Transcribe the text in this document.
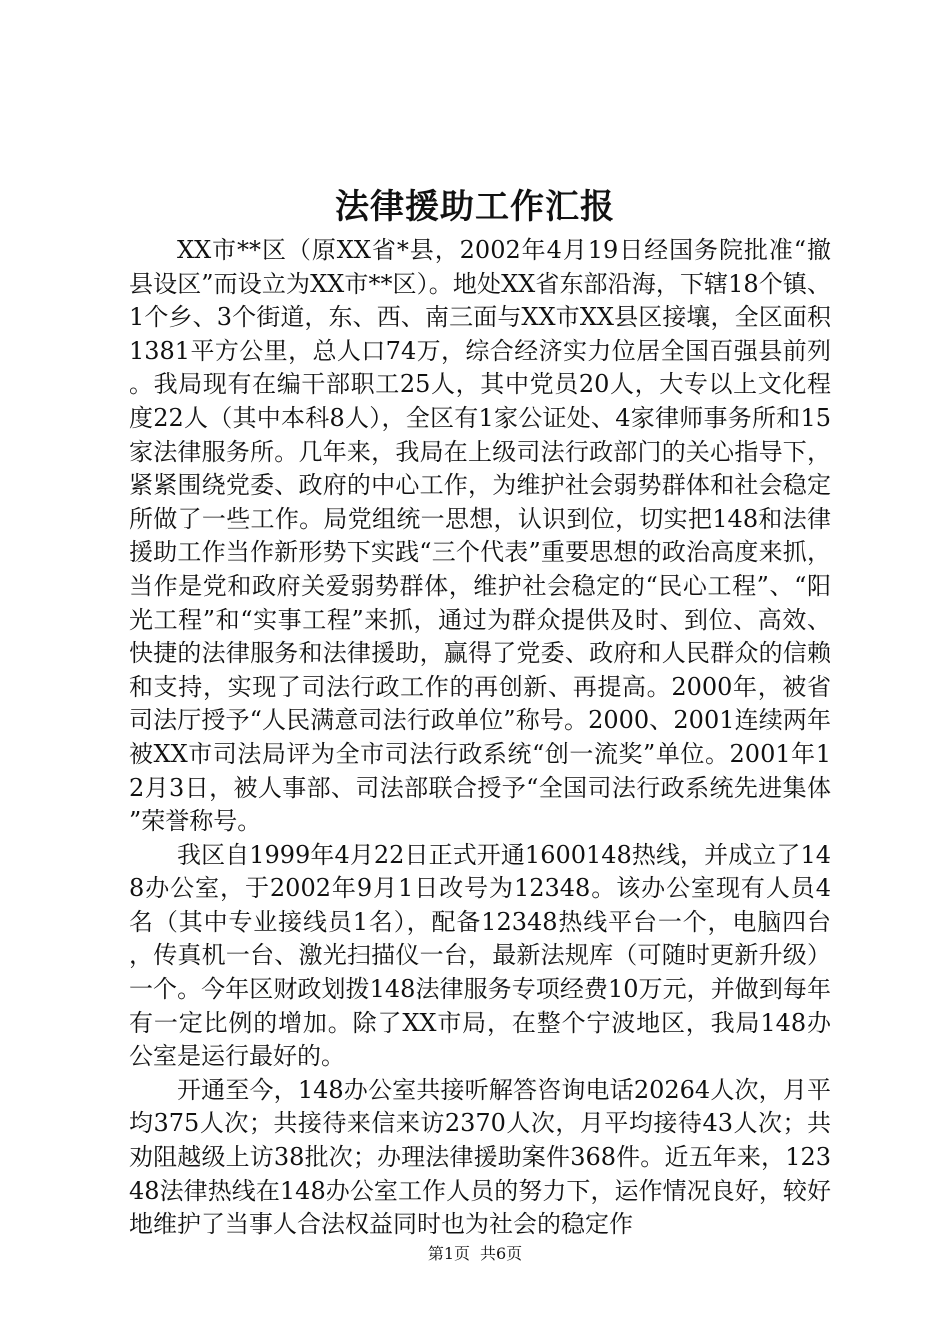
法律援助工作汇报

XX市**区（原XX省*县，2002年4月19日经国务院批准“撤县设区”而设立为XX市**区）。地处XX省东部沿海，下辖18个镇、1个乡、3个街道，东、西、南三面与XX市XX县区接壤，全区面积1381平方公里，总人口74万，综合经济实力位居全国百强县前列。我局现有在编干部职工25人，其中党员20人，大专以上文化程度22人（其中本科8人），全区有1家公证处、4家律师事务所和15家法律服务所。几年来，我局在上级司法行政部门的关心指导下，紧紧围绕党委、政府的中心工作，为维护社会弱势群体和社会稳定所做了一些工作。局党组统一思想，认识到位，切实把148和法律援助工作当作新形势下实践“三个代表”重要思想的政治高度来抓，当作是党和政府关爱弱势群体，维护社会稳定的“民心工程”、“阳光工程”和“实事工程”来抓，通过为群众提供及时、到位、高效、快捷的法律服务和法律援助，赢得了党委、政府和人民群众的信赖和支持，实现了司法行政工作的再创新、再提高。2000年，被省司法厅授予“人民满意司法行政单位”称号。2000、2001连续两年被XX市司法局评为全市司法行政系统“创一流奖”单位。2001年12月3日，被人事部、司法部联合授予“全国司法行政系统先进集体”荣誉称号。

我区自1999年4月22日正式开通1600148热线，并成立了148办公室，于2002年9月1日改号为12348。该办公室现有人员4名（其中专业接线员1名），配备12348热线平台一个，电脑四台，传真机一台、激光扫描仪一台，最新法规库（可随时更新升级）一个。今年区财政划拨148法律服务专项经费10万元，并做到每年有一定比例的增加。除了XX市局，在整个宁波地区，我局148办公室是运行最好的。

开通至今，148办公室共接听解答咨询电话20264人次，月平均375人次；共接待来信来访2370人次，月平均接待43人次；共劝阻越级上访38批次；办理法律援助案件368件。近五年来，12348法律热线在148办公室工作人员的努力下，运作情况良好，较好地维护了当事人合法权益同时也为社会的稳定作

第1页 共6页
